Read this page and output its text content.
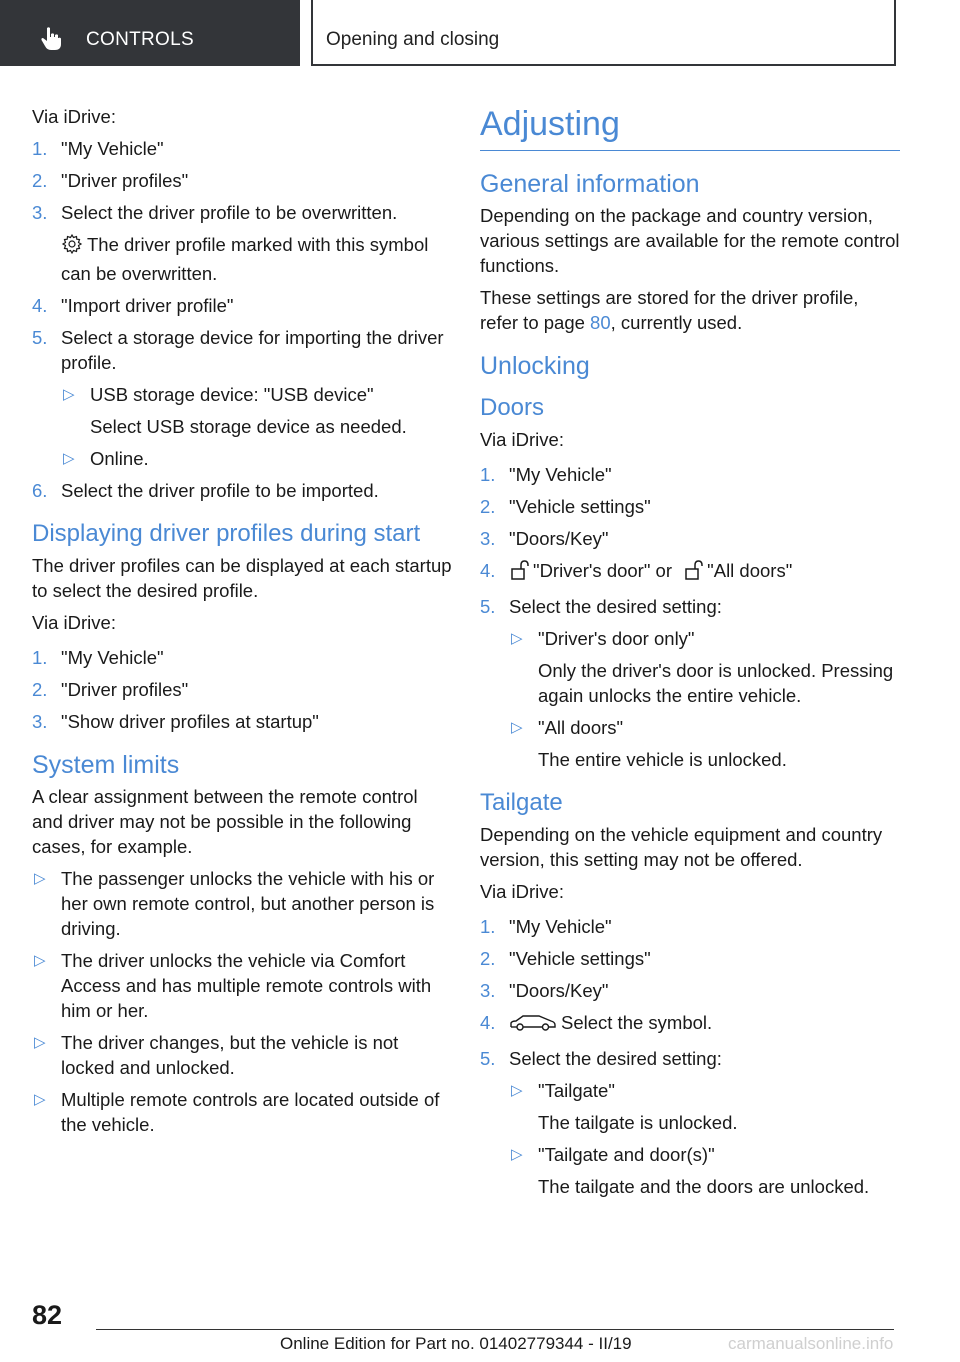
CONTROLS	Opening and closing

Via iDrive:

1. "My Vehicle"
2. "Driver profiles"
3. Select the driver profile to be overwritten.
The driver profile marked with this symbol can be overwritten.
4. "Import driver profile"
5. Select a storage device for importing the driver profile.
▷ USB storage device: "USB device"
Select USB storage device as needed.
▷ Online.
6. Select the driver profile to be imported.
Displaying driver profiles during start

The driver profiles can be displayed at each startup to select the desired profile.

Via iDrive:

1. "My Vehicle"
2. "Driver profiles"
3. "Show driver profiles at startup"
System limits

A clear assignment between the remote control and driver may not be possible in the following cases, for example.

▷ The passenger unlocks the vehicle with his or her own remote control, but another person is driving.
▷ The driver unlocks the vehicle via Comfort Access and has multiple remote controls with him or her.
▷ The driver changes, but the vehicle is not locked and unlocked.
▷ Multiple remote controls are located outside of the vehicle.
Adjusting
General information

Depending on the package and country version, various settings are available for the remote control functions.

These settings are stored for the driver profile, refer to page 80, currently used.

Unlocking
Doors

Via iDrive:

1. "My Vehicle"
2. "Vehicle settings"
3. "Doors/Key"
4. "Driver's door" or "All doors"
5. Select the desired setting:
▷ "Driver's door only"
Only the driver's door is unlocked. Pressing again unlocks the entire vehicle.
▷ "All doors"
The entire vehicle is unlocked.
Tailgate

Depending on the vehicle equipment and country version, this setting may not be offered.

Via iDrive:

1. "My Vehicle"
2. "Vehicle settings"
3. "Doors/Key"
4.	Select the symbol.
5. Select the desired setting:
▷ "Tailgate"
The tailgate is unlocked.
▷ "Tailgate and door(s)"
The tailgate and the doors are unlocked.
82
Online Edition for Part no. 01402779344 - II/19	carmanualsonline.info
